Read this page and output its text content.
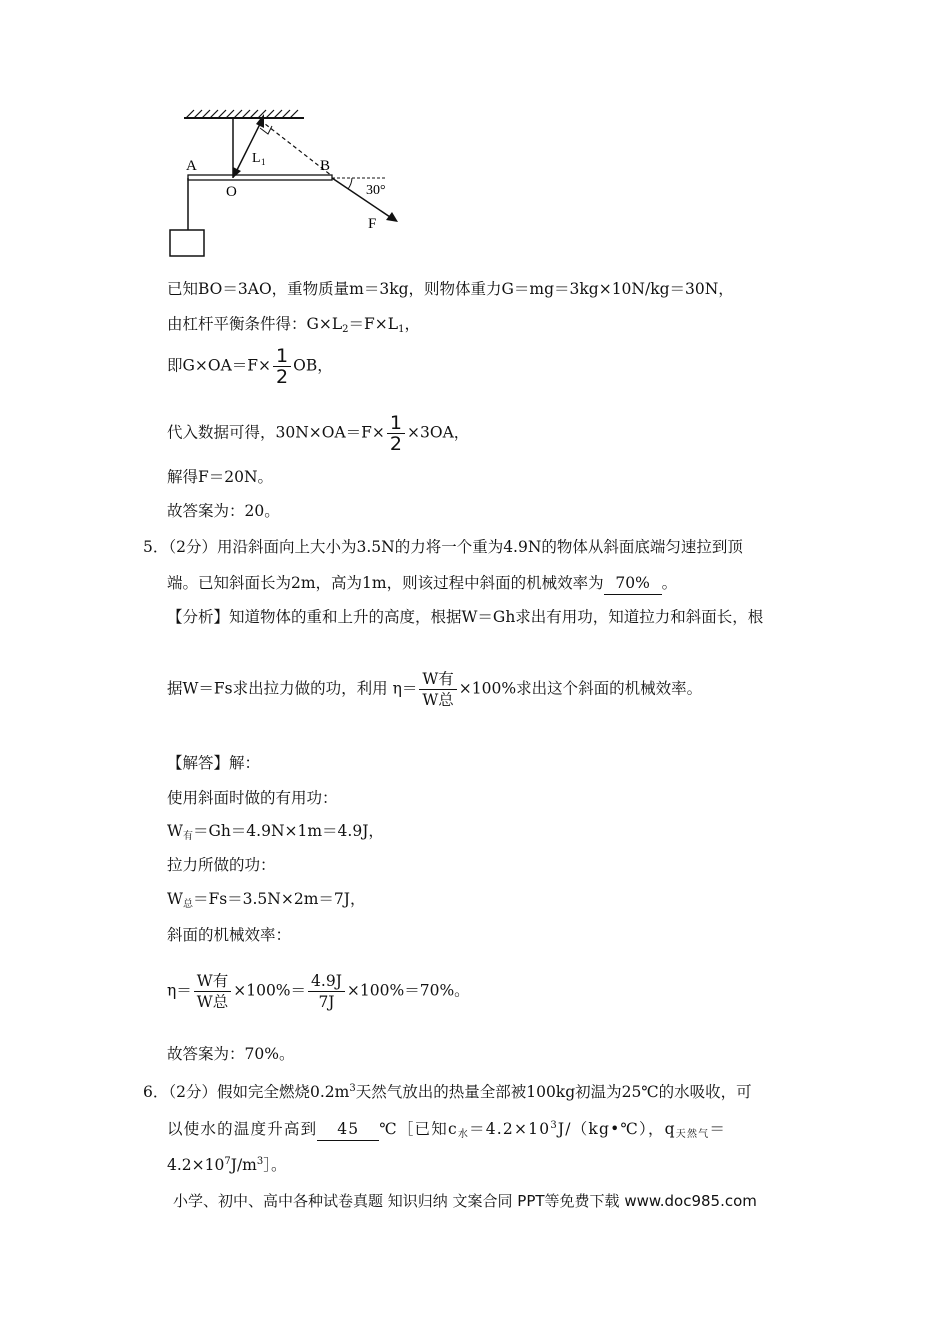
A
O
B
L 1
30°
F
已知BO＝3AO，重物质量m＝3kg，则物体重力G＝mg＝3kg×10N/kg＝30N，
由杠杆平衡条件得：$G\times L_2=F\times L_1$，
即$G\times OA=F\times \frac{1}{2}$ OB，
代入数据可得，$30N\times OA=F\times \frac{1}{2} \times 3OA$，
解得F＝20N。
故答案为：20。
5．（2分）用沿斜面向上大小为3.5N的力将一个重为4.9N的物体从斜面底端匀速拉到顶
端。已知斜面长为2m，高为1m，则该过程中斜面的机械效率为 70% 。
【分析】知道物体的重和上升的高度，根据W＝Gh求出有用功，知道拉力和斜面长，根
据W＝Fs求出拉力做的功，利用 $\eta= \frac{\text{W有}}{\text{W总}} \times 100\%$求出这个斜面的机械效率。
【解答】解：
使用斜面时做的有用功：
$W_有=Gh=4.9N\times 1m=4.9J$，
拉力所做的功：
$W_总=Fs=3.5N\times 2m=7J$，
斜面的机械效率：
$\eta= \frac{\text{W有}}{\text{W总}} \times 100\%= \frac{4.9J}{7J} \times 100\%=70\%$。
故答案为：70%。
6．（2分）假如完全燃烧$0.2m^3$天然气放出的热量全部被100kg初温为25℃的水吸收，可
以使水的温度升高到 45 ℃［已知$c_水=4.2\times 10^3J/(kg•℃)$，$q_{天然气}=$
$4.2\times 10^7J/m^3]$。
小学、初中、高中各种试卷真题 知识归纳 文案合同 PPT等免费下载 www.doc985.com
